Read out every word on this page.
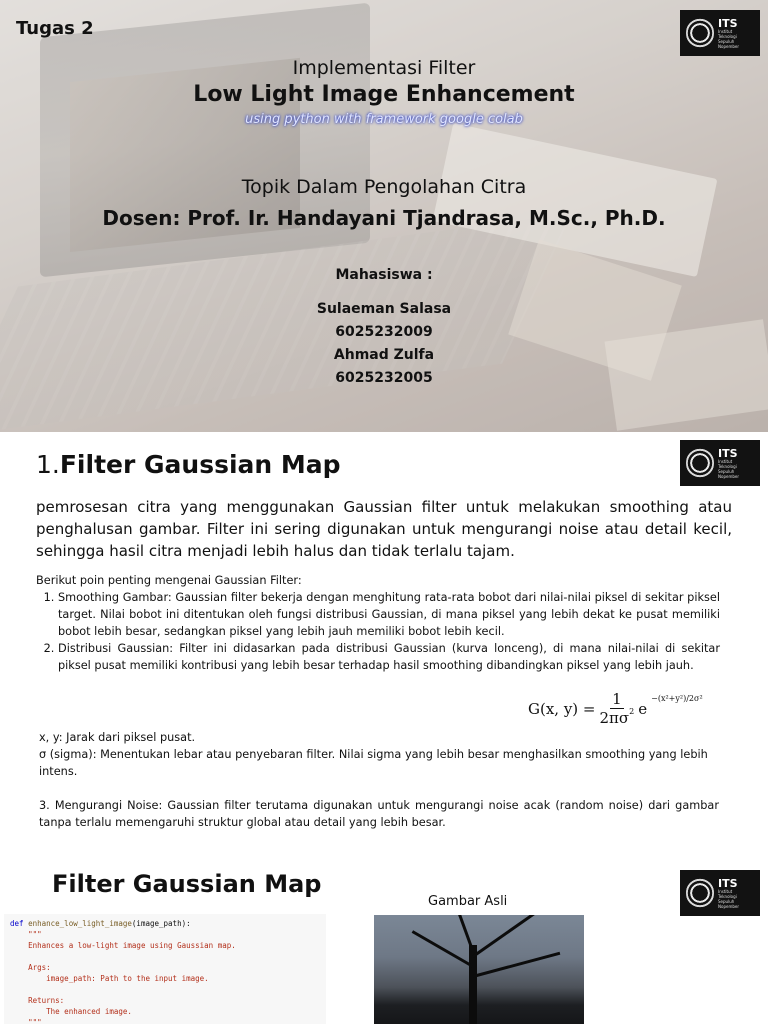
Tugas 2	ITS
Institut
Teknologi
Sepuluh Nopember
Implementasi Filter
Low Light Image Enhancement
using python with framework google colab
Topik Dalam Pengolahan Citra
Dosen: Prof. Ir. Handayani Tjandrasa, M.Sc., Ph.D.
Mahasiswa :
Sulaeman Salasa
6025232009
Ahmad Zulfa
6025232005
1.Filter Gaussian Map	ITS
Institut
Teknologi
Sepuluh Nopember

pemrosesan citra yang menggunakan Gaussian filter untuk melakukan smoothing atau penghalusan gambar. Filter ini sering digunakan untuk mengurangi noise atau detail kecil, sehingga hasil citra menjadi lebih halus dan tidak terlalu tajam.

Berikut poin penting mengenai Gaussian Filter:
1. Smoothing Gambar: Gaussian filter bekerja dengan menghitung rata-rata bobot dari nilai-nilai piksel di sekitar piksel target. Nilai bobot ini ditentukan oleh fungsi distribusi Gaussian, di mana piksel yang lebih dekat ke pusat memiliki bobot lebih besar, sedangkan piksel yang lebih jauh memiliki bobot lebih kecil.
2. Distribusi Gaussian: Filter ini didasarkan pada distribusi Gaussian (kurva lonceng), di mana nilai-nilai di sekitar piksel pusat memiliki kontribusi yang lebih besar terhadap hasil smoothing dibandingkan piksel yang lebih jauh.
G(x, $y) = \frac{1}{2\pi\sigma^2}$ e
−(x²+y²)/2σ²
x, y: Jarak dari piksel pusat.
σ (sigma): Menentukan lebar atau penyebaran filter. Nilai sigma yang lebih besar menghasilkan smoothing yang lebih intens.

3. Mengurangi Noise: Gaussian filter terutama digunakan untuk mengurangi noise acak (random noise) dari gambar tanpa terlalu memengaruhi struktur global atau detail yang lebih besar.

Filter Gaussian Map	ITS
Institut
Teknologi
Sepuluh Nopember
def enhance_low_light_image(image_path):
"""
Enhances a low-light image using Gaussian map.

Args:
image_path: Path to the input image.

Returns:
The enhanced image.
"""
Gambar Asli
